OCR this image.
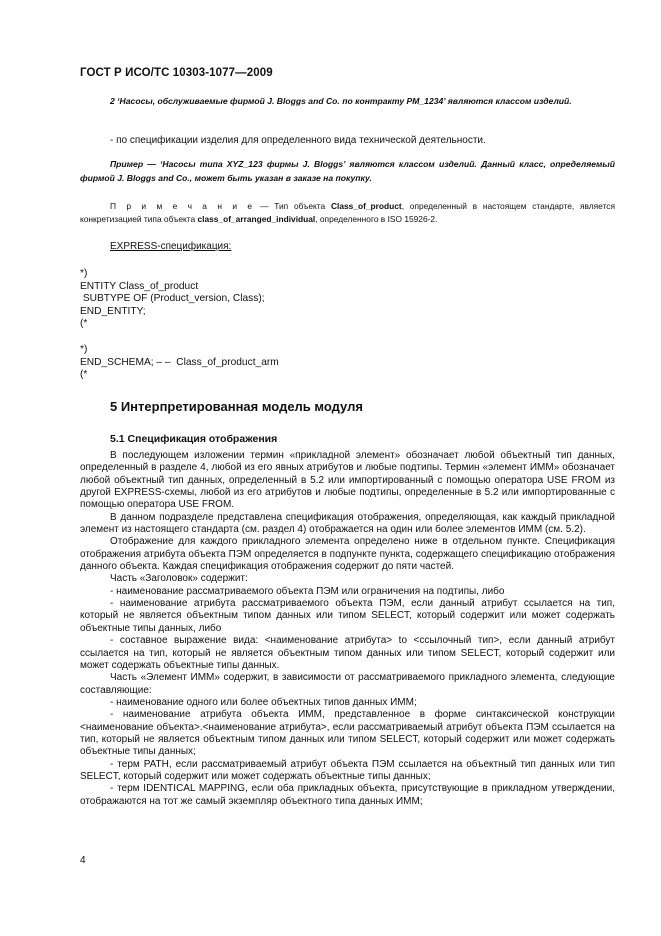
ГОСТ Р ИСО/ТС 10303-1077—2009
2 ‘Насосы, обслуживаемые фирмой J. Bloggs and Co. по контракту PM_1234’ являются классом изделий.
- по спецификации изделия для определенного вида технической деятельности.
Пример — ‘Насосы типа XYZ_123 фирмы J. Bloggs’ являются классом изделий. Данный класс, определяемый фирмой J. Bloggs and Co., может быть указан в заказе на покупку.
П р и м е ч а н и е — Тип объекта Class_of_product, определенный в настоящем стандарте, является конкретизацией типа объекта class_of_arranged_individual, определенного в ISO 15926-2.
EXPRESS-спецификация:
*)
ENTITY Class_of_product
SUBTYPE OF (Product_version, Class);
END_ENTITY;
(*
*)
END_SCHEMA; – –  Class_of_product_arm
(*
5 Интерпретированная модель модуля
5.1 Спецификация отображения

В последующем изложении термин «прикладной элемент» обозначает любой объектный тип данных, определенный в разделе 4, любой из его явных атрибутов и любые подтипы. Термин «элемент ИММ» обозначает любой объектный тип данных, определенный в 5.2 или импортированный с помощью оператора USE FROM из другой EXPRESS-схемы, любой из его атрибутов и любые подтипы, определенные в 5.2 или импортированные с помощью оператора USE FROM.

В данном подразделе представлена спецификация отображения, определяющая, как каждый прикладной элемент из настоящего стандарта (см. раздел 4) отображается на один или более элементов ИММ (см. 5.2).

Отображение для каждого прикладного элемента определено ниже в отдельном пункте. Спецификация отображения атрибута объекта ПЭМ определяется в подпункте пункта, содержащего спецификацию отображения данного объекта. Каждая спецификация отображения содержит до пяти частей.

Часть «Заголовок» содержит:

- наименование рассматриваемого объекта ПЭМ или ограничения на подтипы, либо

- наименование атрибута рассматриваемого объекта ПЭМ, если данный атрибут ссылается на тип, который не является объектным типом данных или типом SELECT, который содержит или может содержать объектные типы данных, либо

- составное выражение вида: <наименование атрибута> to <ссылочный тип>, если данный атрибут ссылается на тип, который не является объектным типом данных или типом SELECT, который содержит или может содержать объектные типы данных.

Часть «Элемент ИММ» содержит, в зависимости от рассматриваемого прикладного элемента, следующие составляющие:

- наименование одного или более объектных типов данных ИММ;

- наименование атрибута объекта ИММ, представленное в форме синтаксической конструкции <наименование объекта>.<наименование атрибута>, если рассматриваемый атрибут объекта ПЭМ ссылается на тип, который не является объектным типом данных или типом SELECT, который содержит или может содержать объектные типы данных;

- терм PATH, если рассматриваемый атрибут объекта ПЭМ ссылается на объектный тип данных или тип SELECT, который содержит или может содержать объектные типы данных;

- терм IDENTICAL MAPPING, если оба прикладных объекта, присутствующие в прикладном утверждении, отображаются на тот же самый экземпляр объектного типа данных ИММ;

4
